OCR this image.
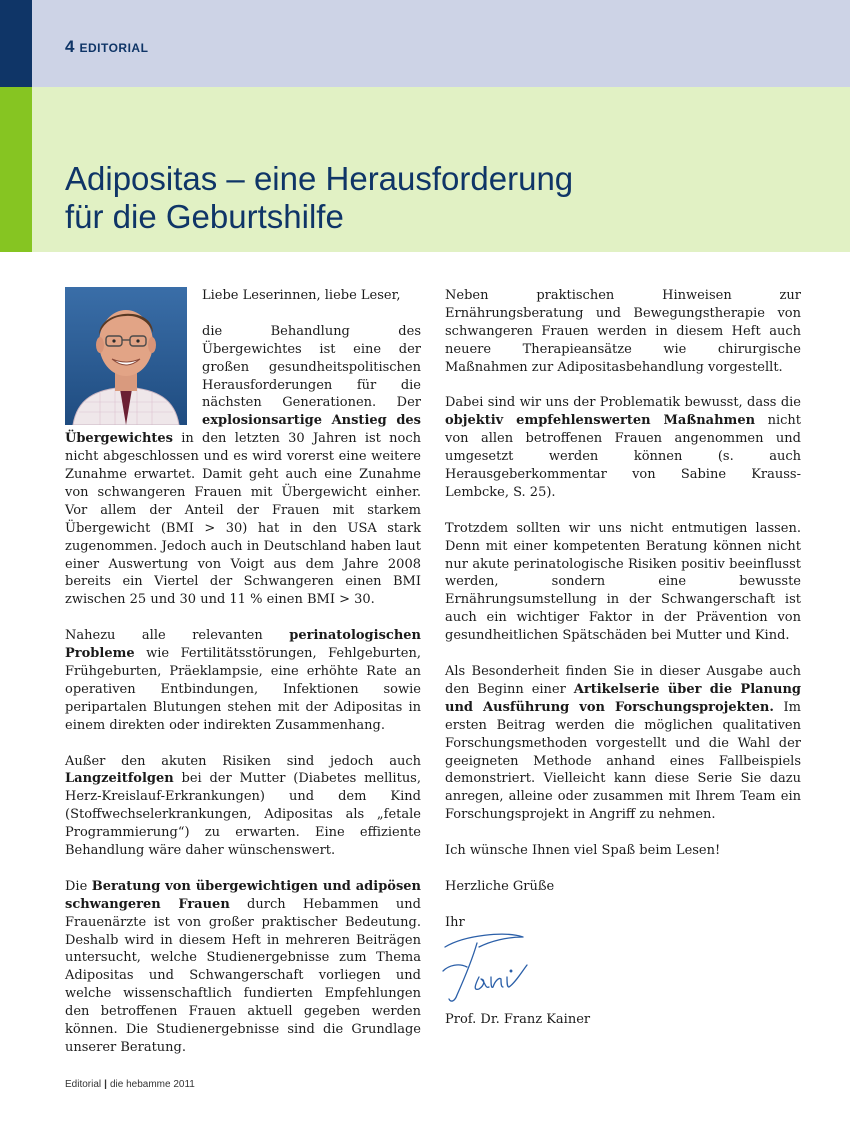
4 EDITORIAL
Adipositas – eine Herausforderung
für die Geburtshilfe

Liebe Leserinnen, liebe Leser,

die Behandlung des Übergewichtes ist eine der großen gesundheitspolitischen Herausforderungen für die nächsten Generationen. Der explosionsartige Anstieg des Übergewichtes in den letzten 30 Jahren ist noch nicht abgeschlossen und es wird vorerst eine weitere Zunahme erwartet. Damit geht auch eine Zunahme von schwangeren Frauen mit Übergewicht einher. Vor allem der Anteil der Frauen mit starkem Übergewicht (BMI > 30) hat in den USA stark zugenommen. Jedoch auch in Deutschland haben laut einer Auswertung von Voigt aus dem Jahre 2008 bereits ein Viertel der Schwangeren einen BMI zwischen 25 und 30 und 11 % einen BMI > 30.

Nahezu alle relevanten perinatologischen Probleme wie Fertilitätsstörungen, Fehlgeburten, Frühgeburten, Präeklampsie, eine erhöhte Rate an operativen Entbindungen, Infektionen sowie peripartalen Blutungen stehen mit der Adipositas in einem direkten oder indirekten Zusammenhang.

Außer den akuten Risiken sind jedoch auch Langzeitfolgen bei der Mutter (Diabetes mellitus, Herz-Kreislauf-Erkrankungen) und dem Kind (Stoffwechselerkrankungen, Adipositas als „fetale Programmierung“) zu erwarten. Eine effiziente Behandlung wäre daher wünschenswert.

Die Beratung von übergewichtigen und adipösen schwangeren Frauen durch Hebammen und Frauenärzte ist von großer praktischer Bedeutung. Deshalb wird in diesem Heft in mehreren Beiträgen untersucht, welche Studienergebnisse zum Thema Adipositas und Schwangerschaft vorliegen und welche wissenschaftlich fundierten Empfehlungen den betroffenen Frauen aktuell gegeben werden können. Die Studienergebnisse sind die Grundlage unserer Beratung.

Neben praktischen Hinweisen zur Ernährungsberatung und Bewegungstherapie von schwangeren Frauen werden in diesem Heft auch neuere Therapieansätze wie chirurgische Maßnahmen zur Adipositasbehandlung vorgestellt.

Dabei sind wir uns der Problematik bewusst, dass die objektiv empfehlenswerten Maßnahmen nicht von allen betroffenen Frauen angenommen und umgesetzt werden können (s. auch Herausgeberkommentar von Sabine Krauss-Lembcke, S. 25).

Trotzdem sollten wir uns nicht entmutigen lassen. Denn mit einer kompetenten Beratung können nicht nur akute perinatologische Risiken positiv beeinflusst werden, sondern eine bewusste Ernährungsumstellung in der Schwangerschaft ist auch ein wichtiger Faktor in der Prävention von gesundheitlichen Spätschäden bei Mutter und Kind.

Als Besonderheit finden Sie in dieser Ausgabe auch den Beginn einer Artikelserie über die Planung und Ausführung von Forschungsprojekten. Im ersten Beitrag werden die möglichen qualitativen Forschungsmethoden vorgestellt und die Wahl der geeigneten Methode anhand eines Fallbeispiels demonstriert. Vielleicht kann diese Serie Sie dazu anregen, alleine oder zusammen mit Ihrem Team ein Forschungsprojekt in Angriff zu nehmen.

Ich wünsche Ihnen viel Spaß beim Lesen!

Herzliche Grüße

Ihr

Prof. Dr. Franz Kainer

Editorial | die hebamme 2011
